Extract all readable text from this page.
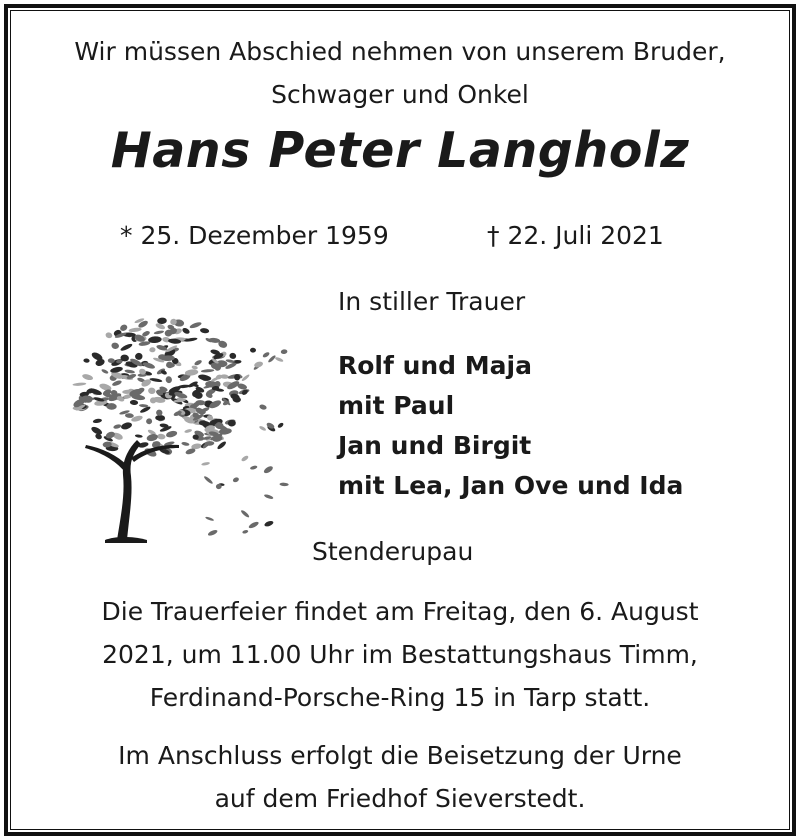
Wir müssen Abschied nehmen von unserem Bruder,
Schwager und Onkel
Hans Peter Langholz
* 25. Dezember 1959	† 22. Juli 2021
In stiller Trauer
Rolf und Maja
mit Paul
Jan und Birgit
mit Lea, Jan Ove und Ida
Stenderupau
Die Trauerfeier findet am Freitag, den 6. August
2021, um 11.00 Uhr im Bestattungshaus Timm,
Ferdinand-Porsche-Ring 15 in Tarp statt.
Im Anschluss erfolgt die Beisetzung der Urne
auf dem Friedhof Sieverstedt.
